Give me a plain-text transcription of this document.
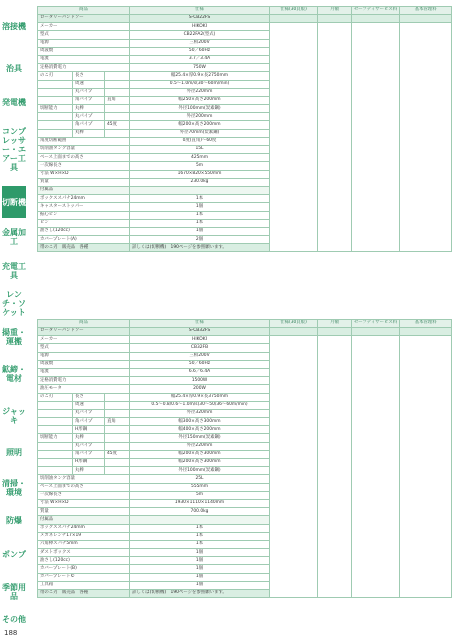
溶接機
治具
発電機
コンプレッサー・エアー工具
切断機
金属加工
充電工具
レンチ・ソケット
揚重・運搬
鉱締・電材
ジャッキ
照明
清掃・環境
防爆
ポンプ
季節用品
その他
188
商品			仕様	仕様(30頁版)	月額	セーフティサービス料	基本管理料
ロータリーバンドソー			S-CB22FS				
メーカー			HIKOKI				
型式			CB22FA2(型式)				
電源			三相200V				
周波数			50／60Hz				
電流			3.7／3.4A				
定格消費電力			750W				
のこ刃	長さ		幅25.4×厚0.9×長2750mm				
	周速		0.5～1.0m/s(30～60m/min)				
	丸パイプ		外径220mm				
	角パイプ	直角	幅250×高さ200mm				
切断能力	丸棒		外径100mm(炭素鋼)				
	丸パイプ		外径200mm				
	角パイプ	45度	幅200×高さ200mm				
	丸棒		外径70mm(炭素鋼)				
角度切断範囲			0度(直角)～60度				
切削油タンク容量			15L				
ベース上面までの高さ			425mm				
一次線長さ			5m				
寸法 W×H×D			1670×820×550mm				
質量			230.0kg				
付属品							
ボックススパナ24mm			1本				
キャスターストッパー			1個				
振心ピン			1本				
ピン			1本				
油さし(120cc)			1個				
カバープレート(A)			2個				
帯のこ刃　販売品　各種			詳しくは(切断機)　190ページを参照願います。				
商品			仕様	仕様(30頁版)	月額	セーフティサービス料	基本管理料
ロータリーバンドソー			S-CB32FS				
メーカー			HIKOKI				
型式			CB32FB				
電源			三相200V				
周波数			50／60Hz				
電流			6.6／6.4A				
定格消費電力			1500W				
油圧モータ			200W				
のこ刃	長さ		幅25.4×厚0.9×長3750mm				
	周速		0.5～0.8/0.6～1.0m/s(30～50/36～60m/min)				
	丸パイプ		外径320mm				
	角パイプ	直角	幅300×高さ300mm				
	H形鋼		幅400×高さ200mm				
切断能力	丸棒		外径150mm(炭素鋼)				
	丸パイプ		外径220mm				
	角パイプ	45度	幅200×高さ300mm				
	H形鋼		幅200×高さ300mm				
	丸棒		外径100mm(炭素鋼)				
切削油タンク容量			25L				
ベース上面までの高さ			555mm				
一次線長さ			5m				
寸法 W×H×D			1930×1110×1140mm				
質量			700.0kg				
付属品							
ボックススパナ24mm			1本				
メガネレンチ17×19			1本				
六角棒スパナ5mm			1本				
ダストボックス			1個				
油さし(120cc)			1個				
カバープレート(B)			1個				
カバープレート©			1個				
工具箱			1個				
帯のこ刃　販売品　各種			詳しくは(切断機)　190ページを参照願います。				
